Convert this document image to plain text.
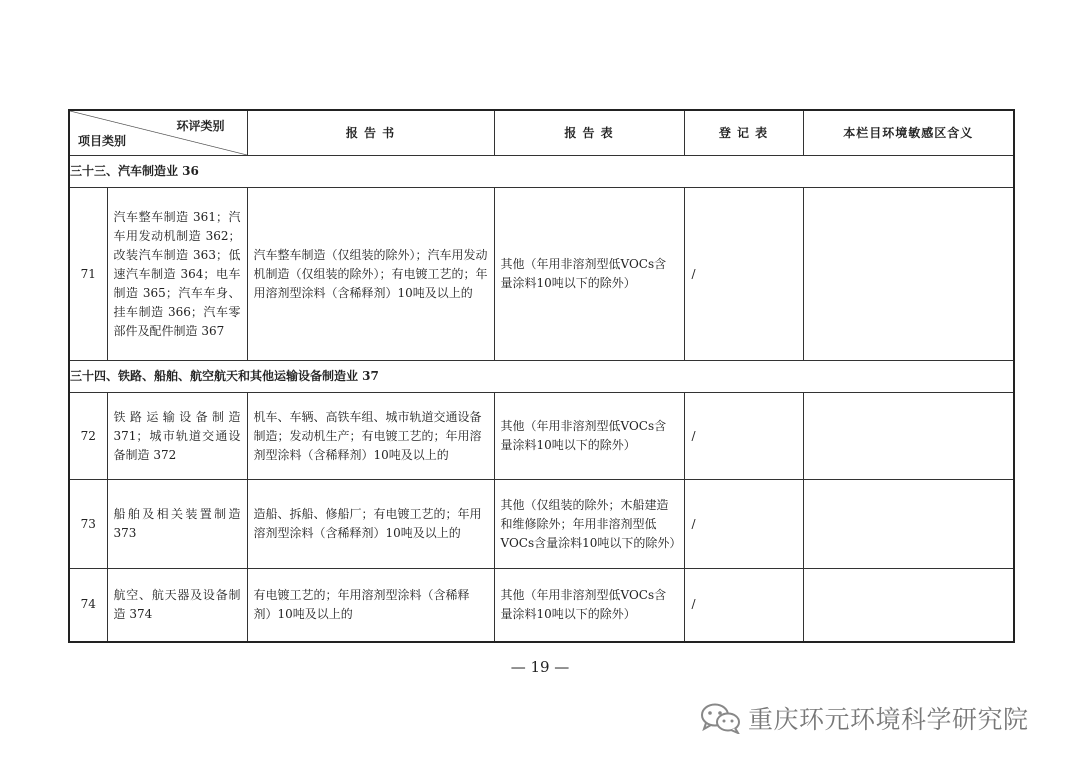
环评类别
项目类别		报 告 书	报 告 表	登 记 表	本栏目环境敏感区含义
三十三、汽车制造业 36					
71	汽车整车制造 361；汽车用发动机制造 362；改装汽车制造 363；低速汽车制造 364；电车制造 365；汽车车身、挂车制造 366；汽车零部件及配件制造 367	汽车整车制造（仅组装的除外）；汽车用发动机制造（仅组装的除外）；有电镀工艺的；年用溶剂型涂料（含稀释剂）10吨及以上的	其他（年用非溶剂型低VOCs含量涂料10吨以下的除外）	/	
三十四、铁路、船舶、航空航天和其他运输设备制造业 37					
72	铁路运输设备制造 371；城市轨道交通设备制造 372	机车、车辆、高铁车组、城市轨道交通设备制造；发动机生产；有电镀工艺的；年用溶剂型涂料（含稀释剂）10吨及以上的	其他（年用非溶剂型低VOCs含量涂料10吨以下的除外）	/	
73	船舶及相关装置制造 373	造船、拆船、修船厂；有电镀工艺的；年用溶剂型涂料（含稀释剂）10吨及以上的	其他（仅组装的除外；木船建造和维修除外；年用非溶剂型低VOCs含量涂料10吨以下的除外）	/	
74	航空、航天器及设备制造 374	有电镀工艺的；年用溶剂型涂料（含稀释剂）10吨及以上的	其他（年用非溶剂型低VOCs含量涂料10吨以下的除外）	/	
— 19 —
重庆环元环境科学研究院
